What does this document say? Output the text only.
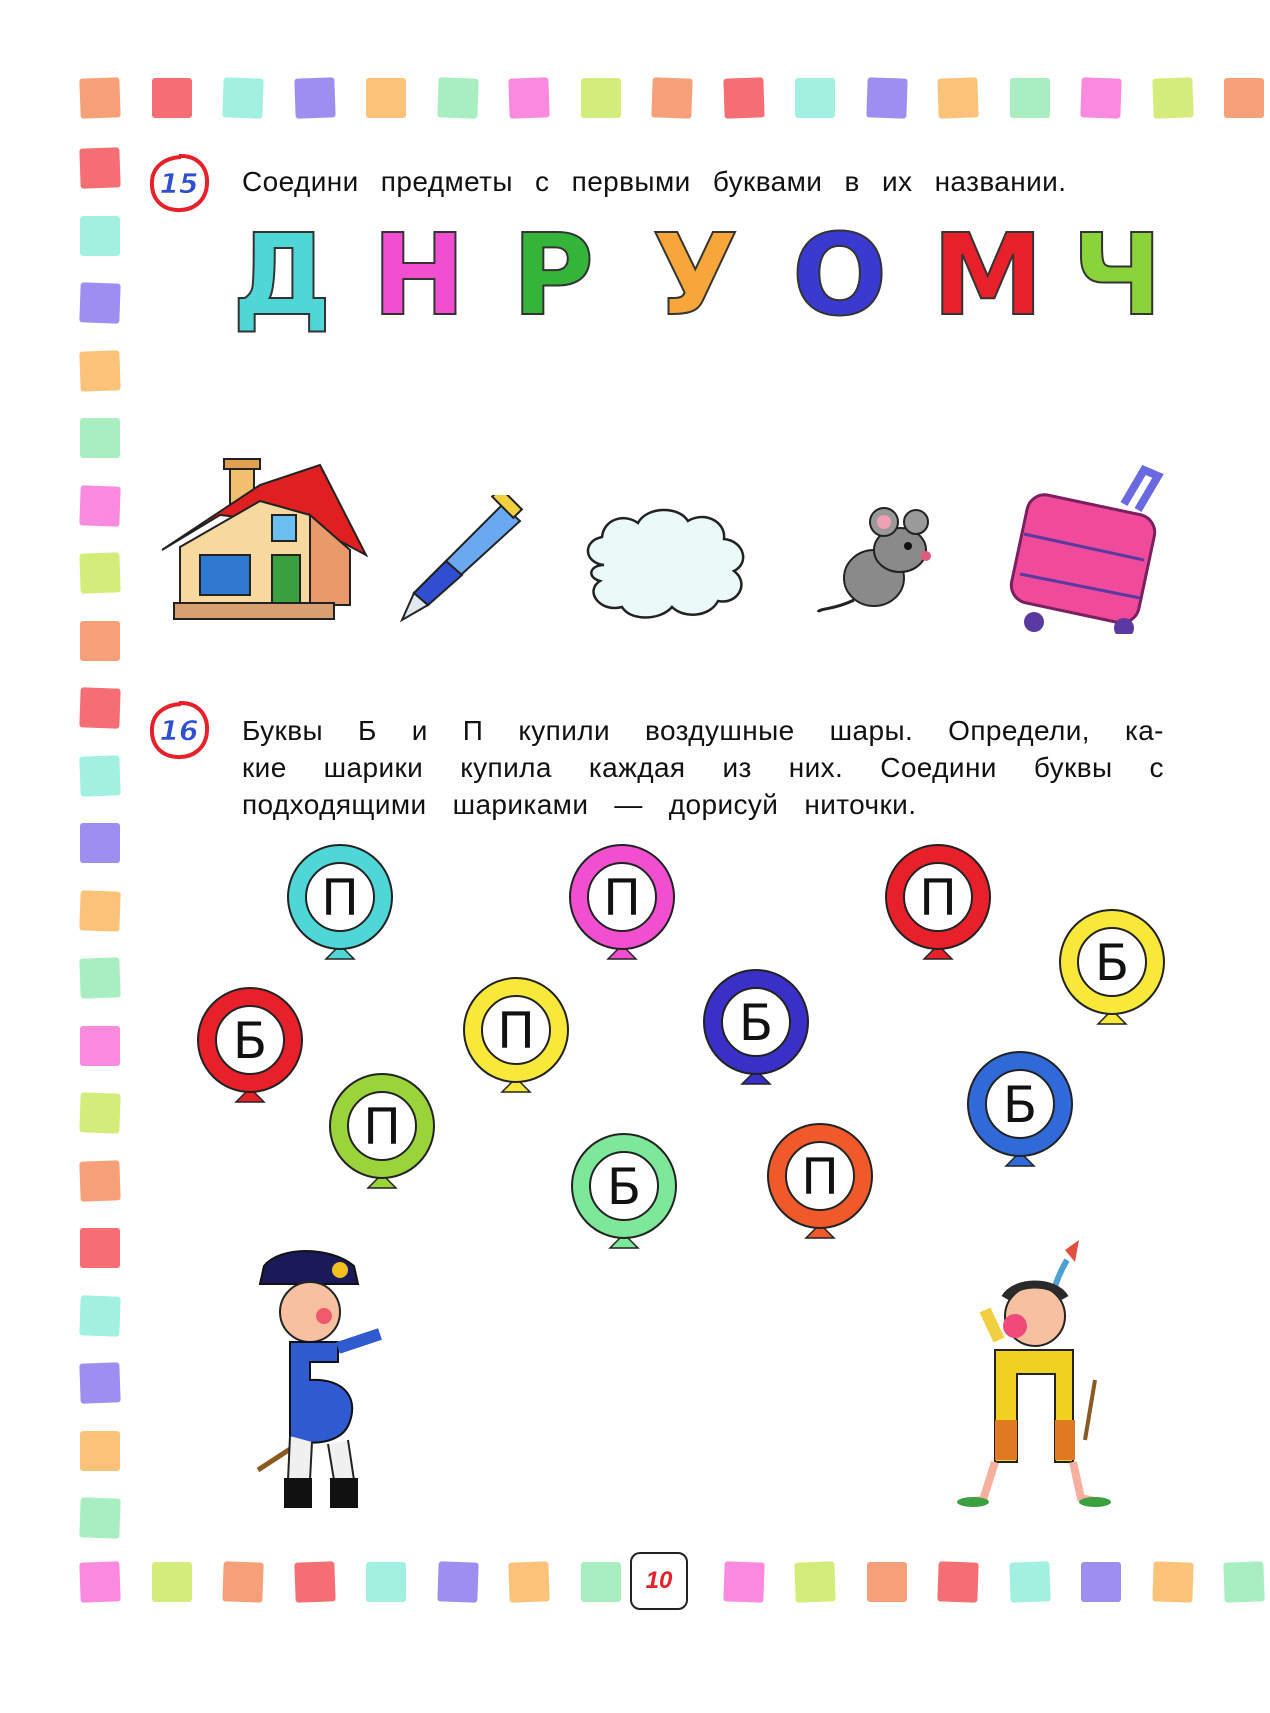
15 Соедини предметы с первыми буквами в их названии.
Д Н Р У О М Ч
16 Буквы Б и П купили воздушные шары. Определи, ка-
кие шарики купила каждая из них. Соедини буквы с
подходящими шариками — дорисуй ниточки.
П	П	П
Б
Б	П	Б
П	Б
Б	П
10
